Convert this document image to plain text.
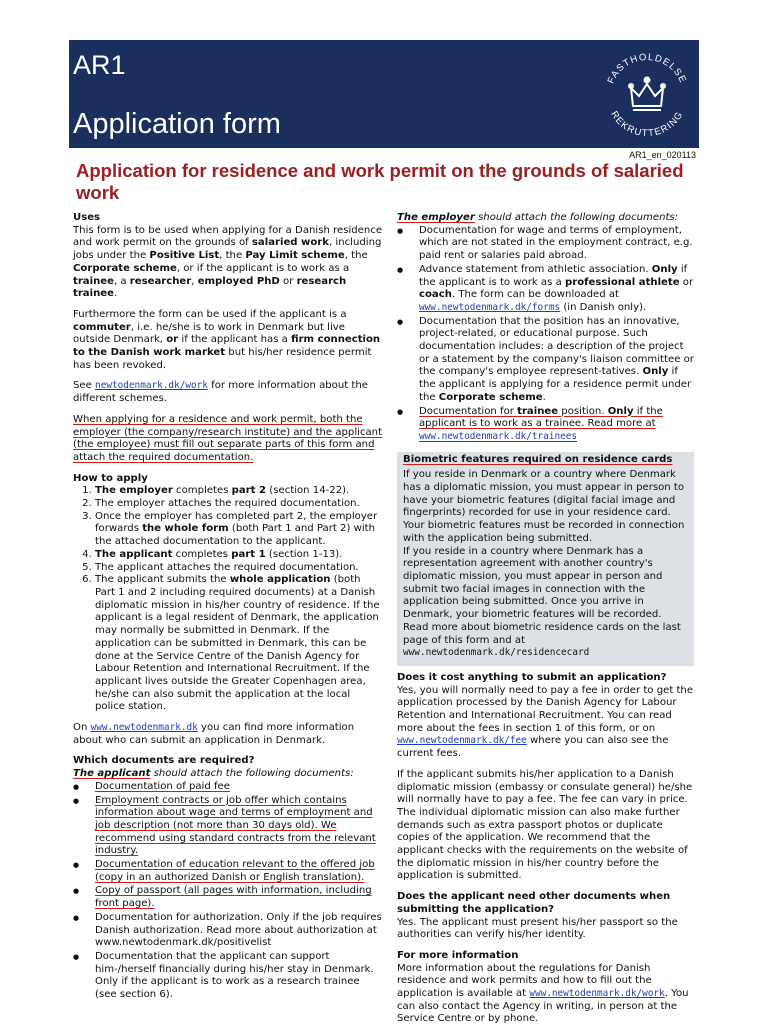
AR1
Application form
FASTHOLDELSE
REKRUTTERING
AR1_en_020113
Application for residence and work permit on the grounds of salaried work
Uses

This form is to be used when applying for a Danish residence and work permit on the grounds of salaried work, including jobs under the Positive List, the Pay Limit scheme, the Corporate scheme, or if the applicant is to work as a trainee, a researcher, employed PhD or research trainee.

Furthermore the form can be used if the applicant is a commuter, i.e. he/she is to work in Denmark but live outside Denmark, or if the applicant has a firm connection to the Danish work market but his/her residence permit has been revoked.

See newtodenmark.dk/work for more information about the different schemes.

When applying for a residence and work permit, both the employer (the company/research institute) and the applicant (the employee) must fill out separate parts of this form and attach the required documentation.

How to apply
1. The employer completes part 2 (section 14-22).
2. The employer attaches the required documentation.
3. Once the employer has completed part 2, the employer forwards the whole form (both Part 1 and Part 2) with the attached documentation to the applicant.
4. The applicant completes part 1 (section 1-13).
5. The applicant attaches the required documentation.
6. The applicant submits the whole application (both Part 1 and 2 including required documents) at a Danish diplomatic mission in his/her country of residence. If the applicant is a legal resident of Denmark, the application may normally be submitted in Denmark. If the application can be submitted in Denmark, this can be done at the Service Centre of the Danish Agency for Labour Retention and International Recruitment. If the applicant lives outside the Greater Copenhagen area, he/she can also submit the application at the local police station.

On www.newtodenmark.dk you can find more information about who can submit an application in Denmark.

Which documents are required?
The applicant should attach the following documents:
● Documentation of paid fee
● Employment contracts or job offer which contains information about wage and terms of employment and job description (not more than 30 days old). We recommend using standard contracts from the relevant industry.
● Documentation of education relevant to the offered job (copy in an authorized Danish or English translation).
● Copy of passport (all pages with information, including front page).
● Documentation for authorization. Only if the job requires Danish authorization. Read more about authorization at www.newtodenmark.dk/positivelist
● Documentation that the applicant can support him-/herself financially during his/her stay in Denmark. Only if the applicant is to work as a research trainee (see section 6).
The employer should attach the following documents:
● Documentation for wage and terms of employment, which are not stated in the employment contract, e.g. paid rent or salaries paid abroad.
● Advance statement from athletic association. Only if the applicant is to work as a professional athlete or coach. The form can be downloaded at www.newtodenmark.dk/forms (in Danish only).
● Documentation that the position has an innovative, project-related, or educational purpose. Such documentation includes: a description of the project or a statement by the company's liaison committee or the company's employee represent-tatives. Only if the applicant is applying for a residence permit under the Corporate scheme.
● Documentation for trainee position. Only if the applicant is to work as a trainee. Read more at www.newtodenmark.dk/trainees
Biometric features required on residence cards
If you reside in Denmark or a country where Denmark has a diplomatic mission, you must appear in person to have your biometric features (digital facial image and fingerprints) recorded for use in your residence card. Your biometric features must be recorded in connection with the application being submitted.
If you reside in a country where Denmark has a representation agreement with another country's diplomatic mission, you must appear in person and submit two facial images in connection with the application being submitted. Once you arrive in Denmark, your biometric features will be recorded. Read more about biometric residence cards on the last page of this form and at www.newtodenmark.dk/residencecard
Does it cost anything to submit an application?

Yes, you will normally need to pay a fee in order to get the application processed by the Danish Agency for Labour Retention and International Recruitment. You can read more about the fees in section 1 of this form, or on www.newtodenmark.dk/fee where you can also see the current fees.

If the applicant submits his/her application to a Danish diplomatic mission (embassy or consulate general) he/she will normally have to pay a fee. The fee can vary in price. The individual diplomatic mission can also make further demands such as extra passport photos or duplicate copies of the application. We recommend that the applicant checks with the requirements on the website of the diplomatic mission in his/her country before the application is submitted.

Does the applicant need other documents when submitting the application?

Yes. The applicant must present his/her passport so the authorities can verify his/her identity.

For more information

More information about the regulations for Danish residence and work permits and how to fill out the application is available at www.newtodenmark.dk/work. You can also contact the Agency in writing, in person at the Service Centre or by phone.
